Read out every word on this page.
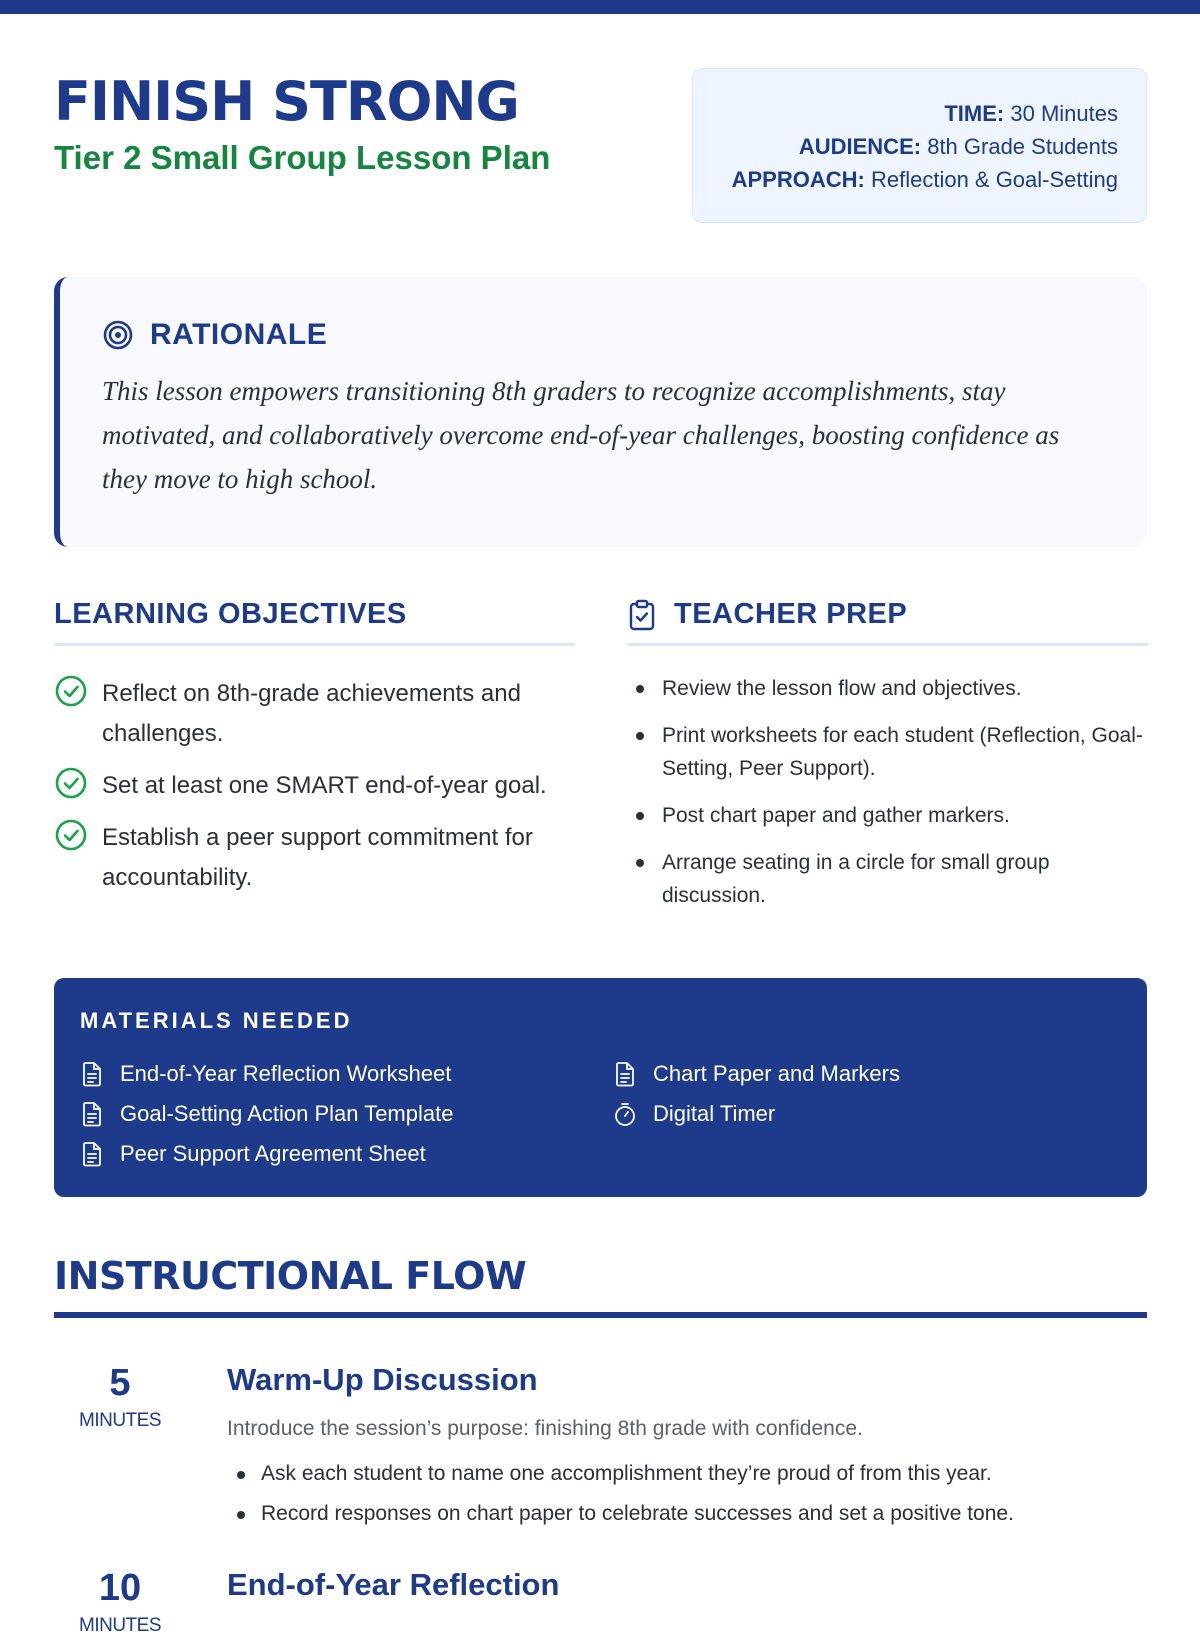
FINISH STRONG
Tier 2 Small Group Lesson Plan
TIME: 30 Minutes
AUDIENCE: 8th Grade Students
APPROACH: Reflection & Goal-Setting
RATIONALE

This lesson empowers transitioning 8th graders to recognize accomplishments, stay motivated, and collaboratively overcome end-of-year challenges, boosting confidence as they move to high school.

LEARNING OBJECTIVES
Reflect on 8th-grade achievements and challenges.
Set at least one SMART end-of-year goal.
Establish a peer support commitment for accountability.
TEACHER PREP
Review the lesson flow and objectives.
Print worksheets for each student (Reflection, Goal-Setting, Peer Support).
Post chart paper and gather markers.
Arrange seating in a circle for small group discussion.
MATERIALS NEEDED
End-of-Year Reflection Worksheet
Goal-Setting Action Plan Template
Peer Support Agreement Sheet
Chart Paper and Markers
Digital Timer
INSTRUCTIONAL FLOW
5
MINUTES
Warm-Up Discussion
Introduce the session’s purpose: finishing 8th grade with confidence.
Ask each student to name one accomplishment they’re proud of from this year.
Record responses on chart paper to celebrate successes and set a positive tone.
10
MINUTES
End-of-Year Reflection
